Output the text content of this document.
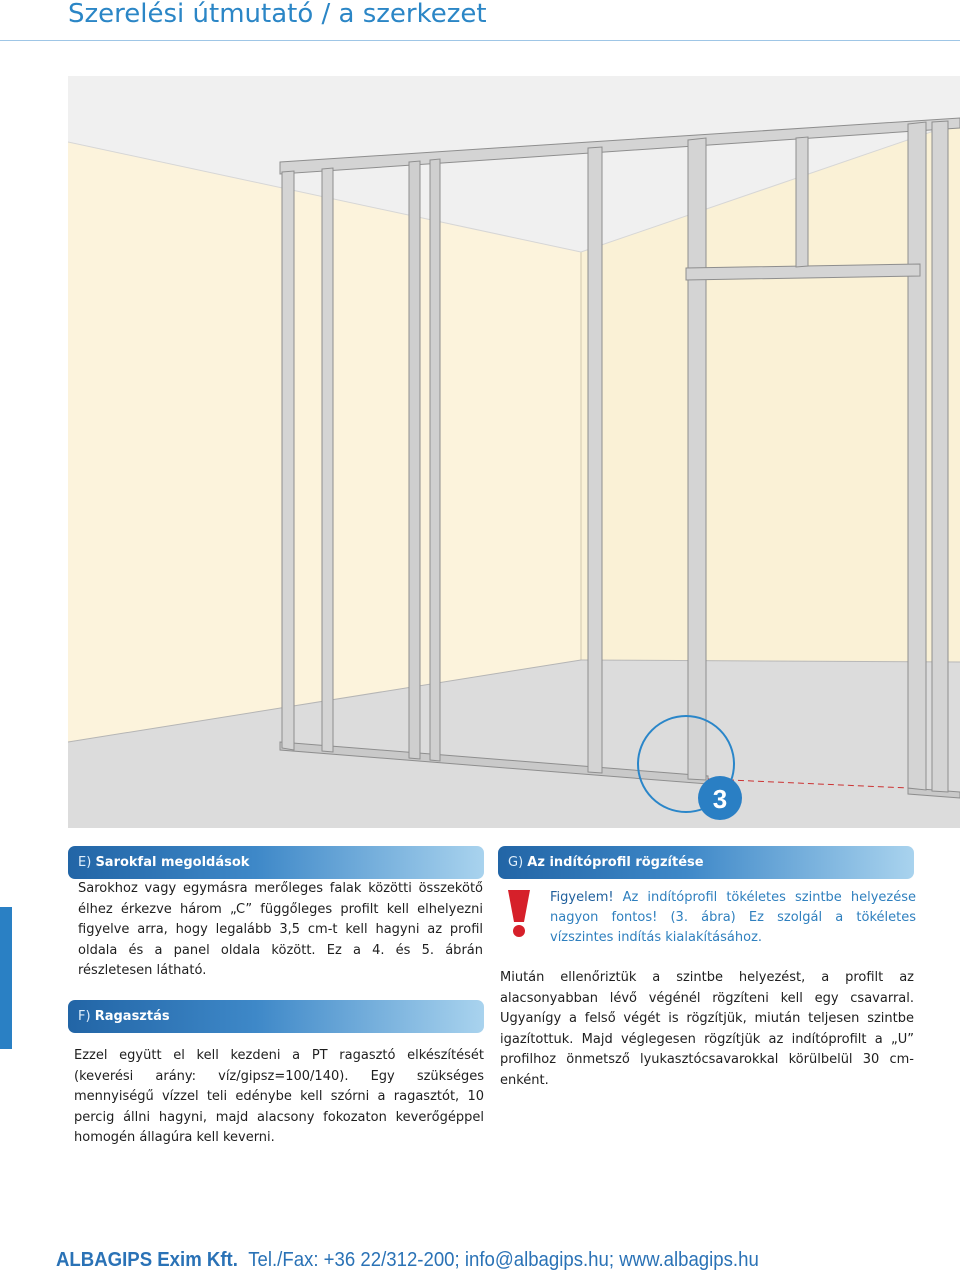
Szerelési útmutató / a szerkezet
3
E) Sarokfal megoldások
Sarokhoz vagy egymásra merőleges falak közötti összekötő élhez érkezve három „C” függőleges profilt kell elhelyezni figyelve arra, hogy legalább 3,5 cm-t kell hagyni az profil oldala és a panel oldala között. Ez a 4. és 5. ábrán részletesen látható.
F) Ragasztás
Ezzel együtt el kell kezdeni a PT ragasztó elkészítését (keverési arány: víz/gipsz=100/140). Egy szükséges mennyiségű vízzel teli edénybe kell szórni a ragasztót, 10 percig állni hagyni, majd alacsony fokozaton keverőgéppel homogén állagúra kell keverni.
G) Az indítóprofil rögzítése
Figyelem! Az indítóprofil tökéletes szintbe helyezése nagyon fontos! (3. ábra) Ez szolgál a tökéletes vízszintes indítás kialakításához.
Miután ellenőriztük a szintbe helyezést, a profilt az alacsonyabban lévő végénél rögzíteni kell egy csavarral. Ugyanígy a felső végét is rögzítjük, miután teljesen szintbe igazítottuk. Majd véglegesen rögzítjük az indítóprofilt a „U” profilhoz önmetsző lyukasztócsavarokkal körülbelül 30 cm-enként.
ALBAGIPS Exim Kft. Tel./Fax: +36 22/312-200; info@albagips.hu; www.albagips.hu
